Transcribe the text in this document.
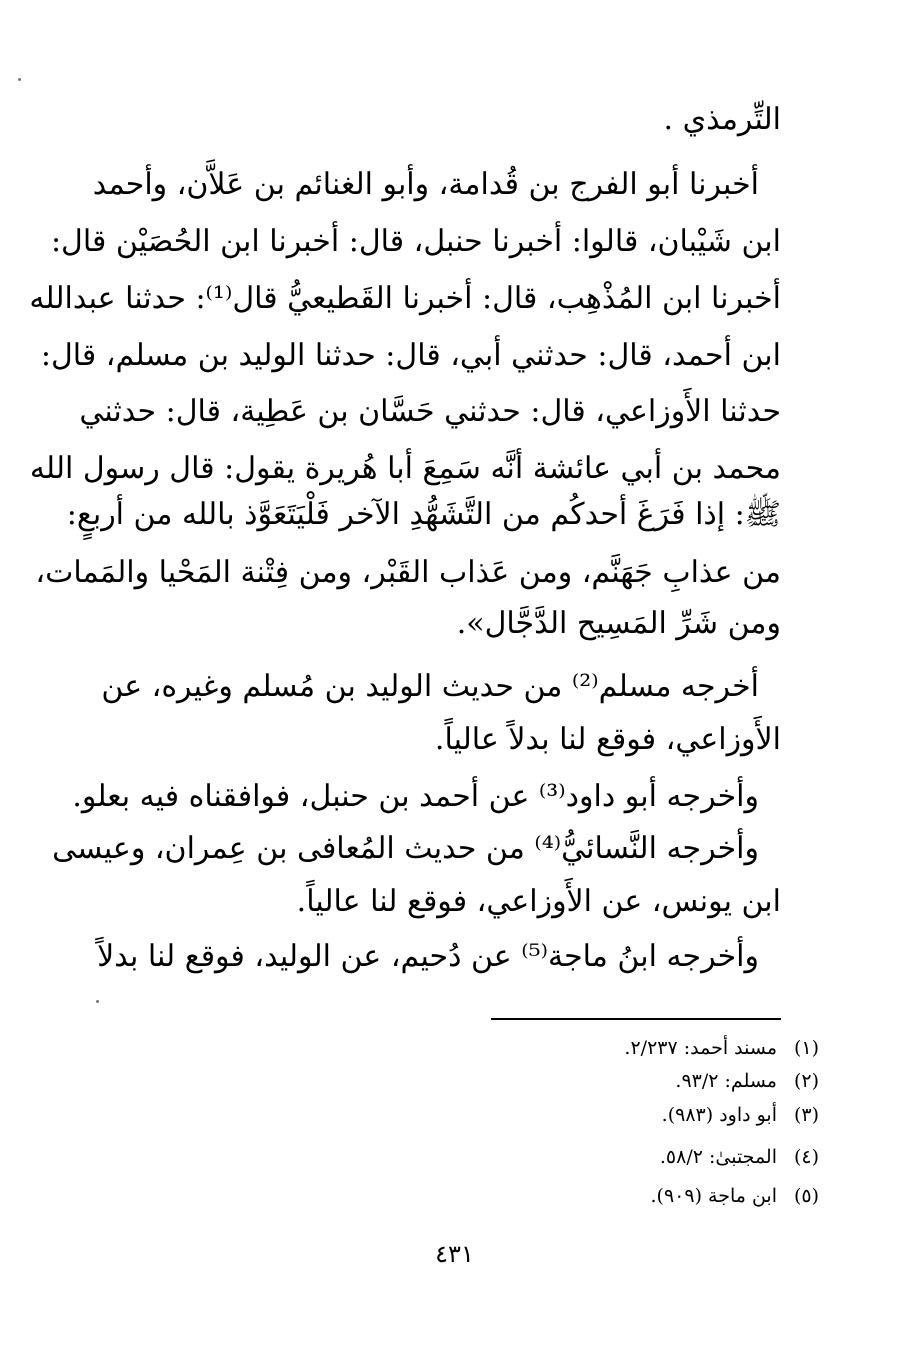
التِّرمذي .
أخبرنا أبو الفرج بن قُدامة، وأبو الغنائم بن عَلاَّن، وأحمد
ابن شَيْبان، قالوا: أخبرنا حنبل، قال: أخبرنا ابن الحُصَيْن قال:
أخبرنا ابن المُذْهِب، قال: أخبرنا القَطيعيُّ قال⁽¹⁾: حدثنا عبدالله
ابن أحمد، قال: حدثني أبي، قال: حدثنا الوليد بن مسلم، قال:
حدثنا الأَوزاعي، قال: حدثني حَسَّان بن عَطِية، قال: حدثني
محمد بن أبي عائشة أنَّه سَمِعَ أبا هُريرة يقول: قال رسول الله
ﷺ: إذا فَرَغَ أحدكُم من التَّشَهُّدِ الآخر فَلْيَتَعَوَّذ بالله من أربعٍ:
من عذابِ جَهَنَّم، ومن عَذاب القَبْر، ومن فِتْنة المَحْيا والمَمات،
ومن شَرِّ المَسِيح الدَّجَّال».
أخرجه مسلم⁽²⁾ من حديث الوليد بن مُسلم وغيره، عن
الأَوزاعي، فوقع لنا بدلاً عالياً.
وأخرجه أبو داود⁽³⁾ عن أحمد بن حنبل، فوافقناه فيه بعلو.
وأخرجه النَّسائيُّ⁽⁴⁾ من حديث المُعافى بن عِمران، وعيسى
ابن يونس، عن الأَوزاعي، فوقع لنا عالياً.
وأخرجه ابنُ ماجة⁽⁵⁾ عن دُحيم، عن الوليد، فوقع لنا بدلاً
(١)مسند أحمد: ٢/٢٣٧.
(٢)مسلم: ٩٣/٢.
(٣)أبو داود (٩٨٣).
(٤)المجتبىٰ: ٥٨/٢.
(٥)ابن ماجة (٩٠٩).
٤٣١
